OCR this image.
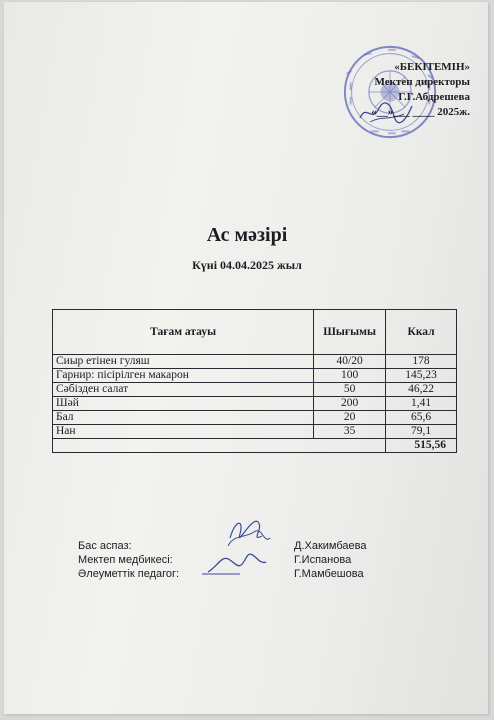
«БЕКІТЕМІН»
Мектеп директоры
Г.Г.Абдрешева
«__»___ ____ 2025ж.
Ас мәзірі
Күні 04.04.2025 жыл
Тағам атауы	Шығымы	Ккал
Сиыр етінен гуляш	40/20	178
Гарнир: пісірілген макарон	100	145,23
Сәбізден салат	50	46,22
Шәй	200	1,41
Бал	20	65,6
Нан	35	79,1
		515,56
Бас аспаз:	Д.Хакимбаева
Мектеп медбикесі:	Г.Испанова
Әлеуметтік педагог:	Г.Мамбешова
